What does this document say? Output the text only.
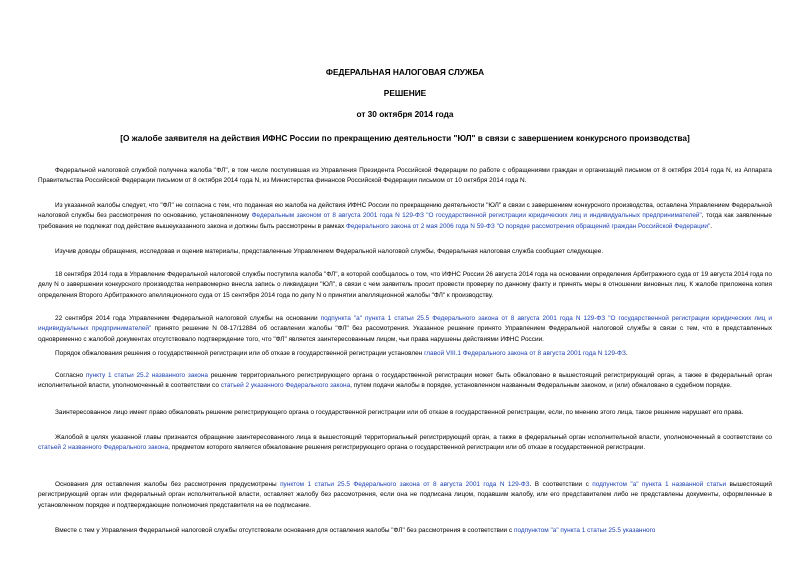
ФЕДЕРАЛЬНАЯ НАЛОГОВАЯ СЛУЖБА

РЕШЕНИЕ

от 30 октября 2014 года

[О жалобе заявителя на действия ИФНС России по прекращению деятельности "ЮЛ" в связи с завершением конкурсного производства]

Федеральной налоговой службой получена жалоба "ФЛ", в том числе поступившая из Управления Президента Российской Федерации по работе с обращениями граждан и организаций письмом от 8 октября 2014 года N, из Аппарата Правительства Российской Федерации письмом от 8 октября 2014 года N, из Министерства финансов Российской Федерации письмом от 10 октября 2014 года N.

Из указанной жалобы следует, что "ФЛ" не согласна с тем, что поданная ею жалоба на действия ИФНС России по прекращению деятельности "ЮЛ" в связи с завершением конкурсного производства, оставлена Управлением Федеральной налоговой службы без рассмотрения по основанию, установленному Федеральным законом от 8 августа 2001 года N 129-ФЗ "О государственной регистрации юридических лиц и индивидуальных предпринимателей", тогда как заявленные требования не подлежат под действие вышеуказанного закона и должны быть рассмотрены в рамках Федерального закона от 2 мая 2006 года N 59-ФЗ "О порядке рассмотрения обращений граждан Российской Федерации".

Изучив доводы обращения, исследовав и оценив материалы, представленные Управлением Федеральной налоговой службы, Федеральная налоговая служба сообщает следующее.

18 сентября 2014 года в Управление Федеральной налоговой службы поступила жалоба "ФЛ", в которой сообщалось о том, что ИФНС России 26 августа 2014 года на основании определения Арбитражного суда от 19 августа 2014 года по делу N о завершении конкурсного производства неправомерно внесла запись о ликвидации "ЮЛ", в связи с чем заявитель просит провести проверку по данному факту и принять меры в отношении виновных лиц. К жалобе приложена копия определения Второго Арбитражного апелляционного суда от 15 сентября 2014 года по делу N о принятии апелляционной жалобы "ФЛ" к производству.

22 сентября 2014 года Управлением Федеральной налоговой службы на основании подпункта "а" пункта 1 статьи 25.5 Федерального закона от 8 августа 2001 года N 129-ФЗ "О государственной регистрации юридических лиц и индивидуальных предпринимателей" принято решение N 08-17/12884 об оставлении жалобы "ФЛ" без рассмотрения. Указанное решение принято Управлением Федеральной налоговой службы в связи с тем, что в представленных одновременно с жалобой документах отсутствовало подтверждение того, что "ФЛ" является заинтересованным лицом, чьи права нарушены действиями ИФНС России.

Порядок обжалования решения о государственной регистрации или об отказе в государственной регистрации установлен главой VIII.1 Федерального закона от 8 августа 2001 года N 129-ФЗ.

Согласно пункту 1 статьи 25.2 названного закона решение территориального регистрирующего органа о государственной регистрации может быть обжаловано в вышестоящий регистрирующий орган, а также в федеральный орган исполнительной власти, уполномоченный в соответствии со статьей 2 указанного Федерального закона, путем подачи жалобы в порядке, установленном названным Федеральным законом, и (или) обжаловано в судебном порядке.

Заинтересованное лицо имеет право обжаловать решение регистрирующего органа о государственной регистрации или об отказе в государственной регистрации, если, по мнению этого лица, такое решение нарушает его права.

Жалобой в целях указанной главы признается обращение заинтересованного лица в вышестоящий территориальный регистрирующий орган, а также в федеральный орган исполнительной власти, уполномоченный в соответствии со статьей 2 названного Федерального закона, предметом которого является обжалование решения регистрирующего органа о государственной регистрации или об отказе в государственной регистрации.

Основания для оставления жалобы без рассмотрения предусмотрены пунктом 1 статьи 25.5 Федерального закона от 8 августа 2001 года N 129-ФЗ. В соответствии с подпунктом "а" пункта 1 названной статьи вышестоящий регистрирующий орган или федеральный орган исполнительной власти, оставляет жалобу без рассмотрения, если она не подписана лицом, подавшим жалобу, или его представителем либо не представлены документы, оформленные в установленном порядке и подтверждающие полномочия представителя на ее подписание.

Вместе с тем у Управления Федеральной налоговой службы отсутствовали основания для оставления жалобы "ФЛ" без рассмотрения в соответствии с подпунктом "а" пункта 1 статьи 25.5 указанного
